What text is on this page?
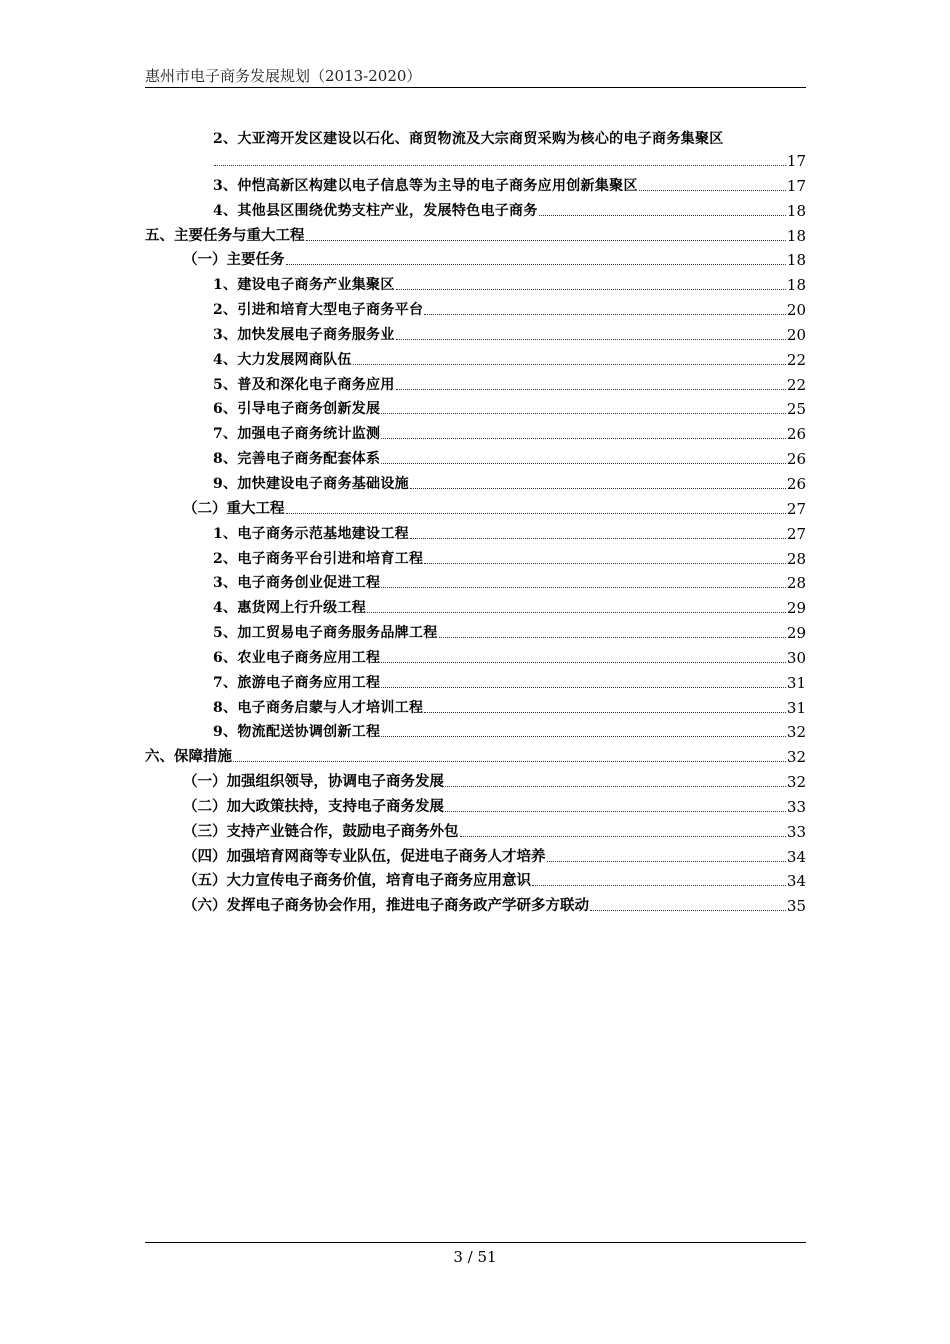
惠州市电子商务发展规划（2013-2020）
2、大亚湾开发区建设以石化、商贸物流及大宗商贸采购为核心的电子商务集聚区
17
3、仲恺高新区构建以电子信息等为主导的电子商务应用创新集聚区	17
4、其他县区围绕优势支柱产业，发展特色电子商务	18
五、主要任务与重大工程	18
（一）主要任务	18
1、建设电子商务产业集聚区	18
2、引进和培育大型电子商务平台	20
3、加快发展电子商务服务业	20
4、大力发展网商队伍	22
5、普及和深化电子商务应用	22
6、引导电子商务创新发展	25
7、加强电子商务统计监测	26
8、完善电子商务配套体系	26
9、加快建设电子商务基础设施	26
（二）重大工程	27
1、电子商务示范基地建设工程	27
2、电子商务平台引进和培育工程	28
3、电子商务创业促进工程	28
4、惠货网上行升级工程	29
5、加工贸易电子商务服务品牌工程	29
6、农业电子商务应用工程	30
7、旅游电子商务应用工程	31
8、电子商务启蒙与人才培训工程	31
9、物流配送协调创新工程	32
六、保障措施	32
（一）加强组织领导，协调电子商务发展	32
（二）加大政策扶持，支持电子商务发展	33
（三）支持产业链合作，鼓励电子商务外包	33
（四）加强培育网商等专业队伍，促进电子商务人才培养	34
（五）大力宣传电子商务价值，培育电子商务应用意识	34
（六）发挥电子商务协会作用，推进电子商务政产学研多方联动	35
3 / 51
